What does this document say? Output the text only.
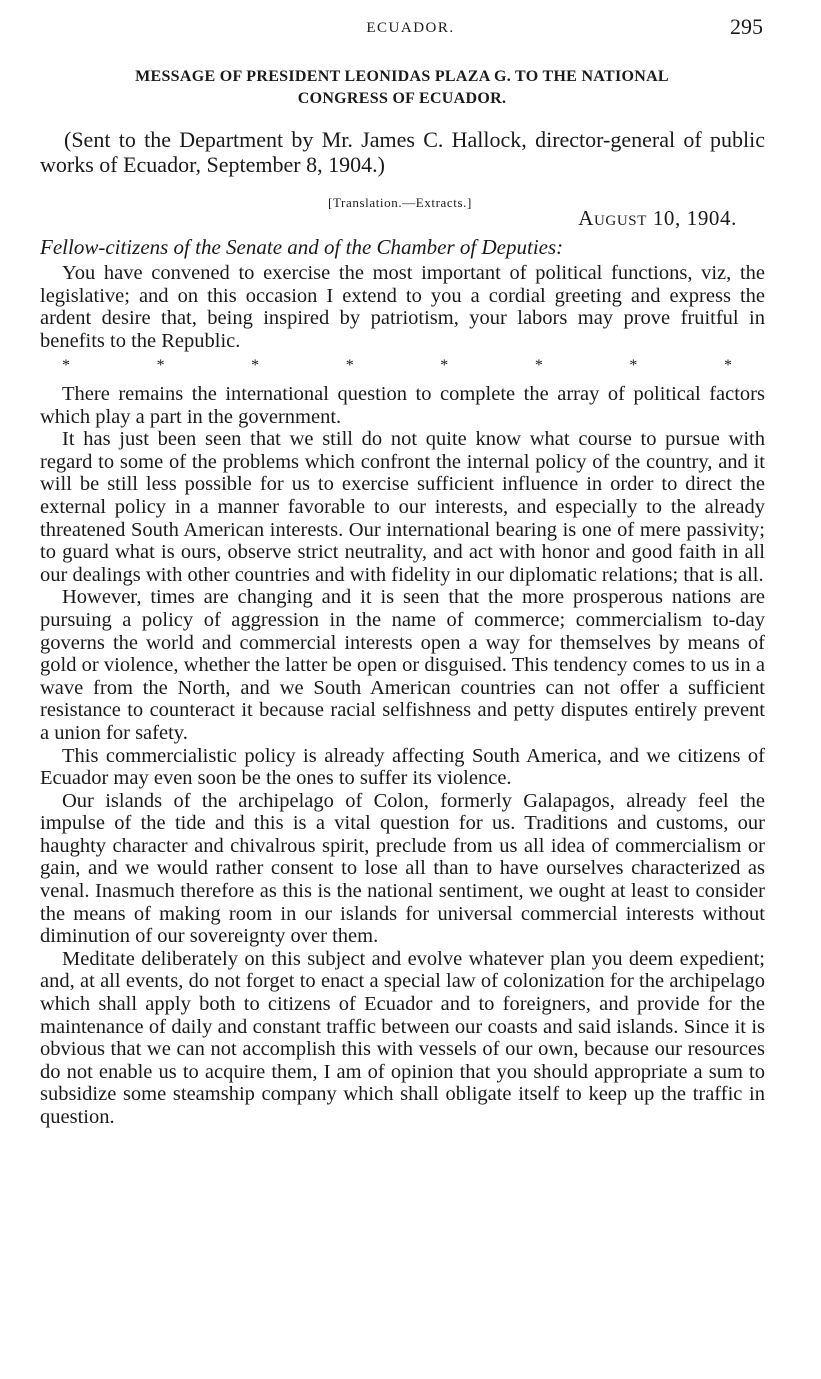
ECUADOR.	295
MESSAGE OF PRESIDENT LEONIDAS PLAZA G. TO THE NATIONAL
CONGRESS OF ECUADOR.

(Sent to the Department by Mr. James C. Hallock, director-general of public works of Ecuador, September 8, 1904.)

[Translation.—Extracts.]
August 10, 1904.
Fellow-citizens of the Senate and of the Chamber of Deputies:

You have convened to exercise the most important of political functions, viz, the legislative; and on this occasion I extend to you a cordial greeting and express the ardent desire that, being inspired by patriotism, your labors may prove fruitful in benefits to the Republic.

*	*	*	*	*	*	*	*

There remains the international question to complete the array of political factors which play a part in the government.

It has just been seen that we still do not quite know what course to pursue with regard to some of the problems which confront the internal policy of the country, and it will be still less possible for us to exercise sufficient influence in order to direct the external policy in a manner favorable to our interests, and especially to the already threatened South American interests. Our international bearing is one of mere passivity; to guard what is ours, observe strict neutrality, and act with honor and good faith in all our dealings with other countries and with fidelity in our diplomatic relations; that is all.

However, times are changing and it is seen that the more prosperous nations are pursuing a policy of aggression in the name of commerce; commercialism to-day governs the world and commercial interests open a way for themselves by means of gold or violence, whether the latter be open or disguised. This tendency comes to us in a wave from the North, and we South American countries can not offer a sufficient resistance to counteract it because racial selfishness and petty disputes entirely prevent a union for safety.

This commercialistic policy is already affecting South America, and we citizens of Ecuador may even soon be the ones to suffer its violence.

Our islands of the archipelago of Colon, formerly Galapagos, already feel the impulse of the tide and this is a vital question for us. Traditions and customs, our haughty character and chivalrous spirit, preclude from us all idea of commercialism or gain, and we would rather consent to lose all than to have ourselves characterized as venal. Inasmuch therefore as this is the national sentiment, we ought at least to consider the means of making room in our islands for universal commercial interests without diminution of our sovereignty over them.

Meditate deliberately on this subject and evolve whatever plan you deem expedient; and, at all events, do not forget to enact a special law of colonization for the archipelago which shall apply both to citizens of Ecuador and to foreigners, and provide for the maintenance of daily and constant traffic between our coasts and said islands. Since it is obvious that we can not accomplish this with vessels of our own, because our resources do not enable us to acquire them, I am of opinion that you should appropriate a sum to subsidize some steamship company which shall obligate itself to keep up the traffic in question.
